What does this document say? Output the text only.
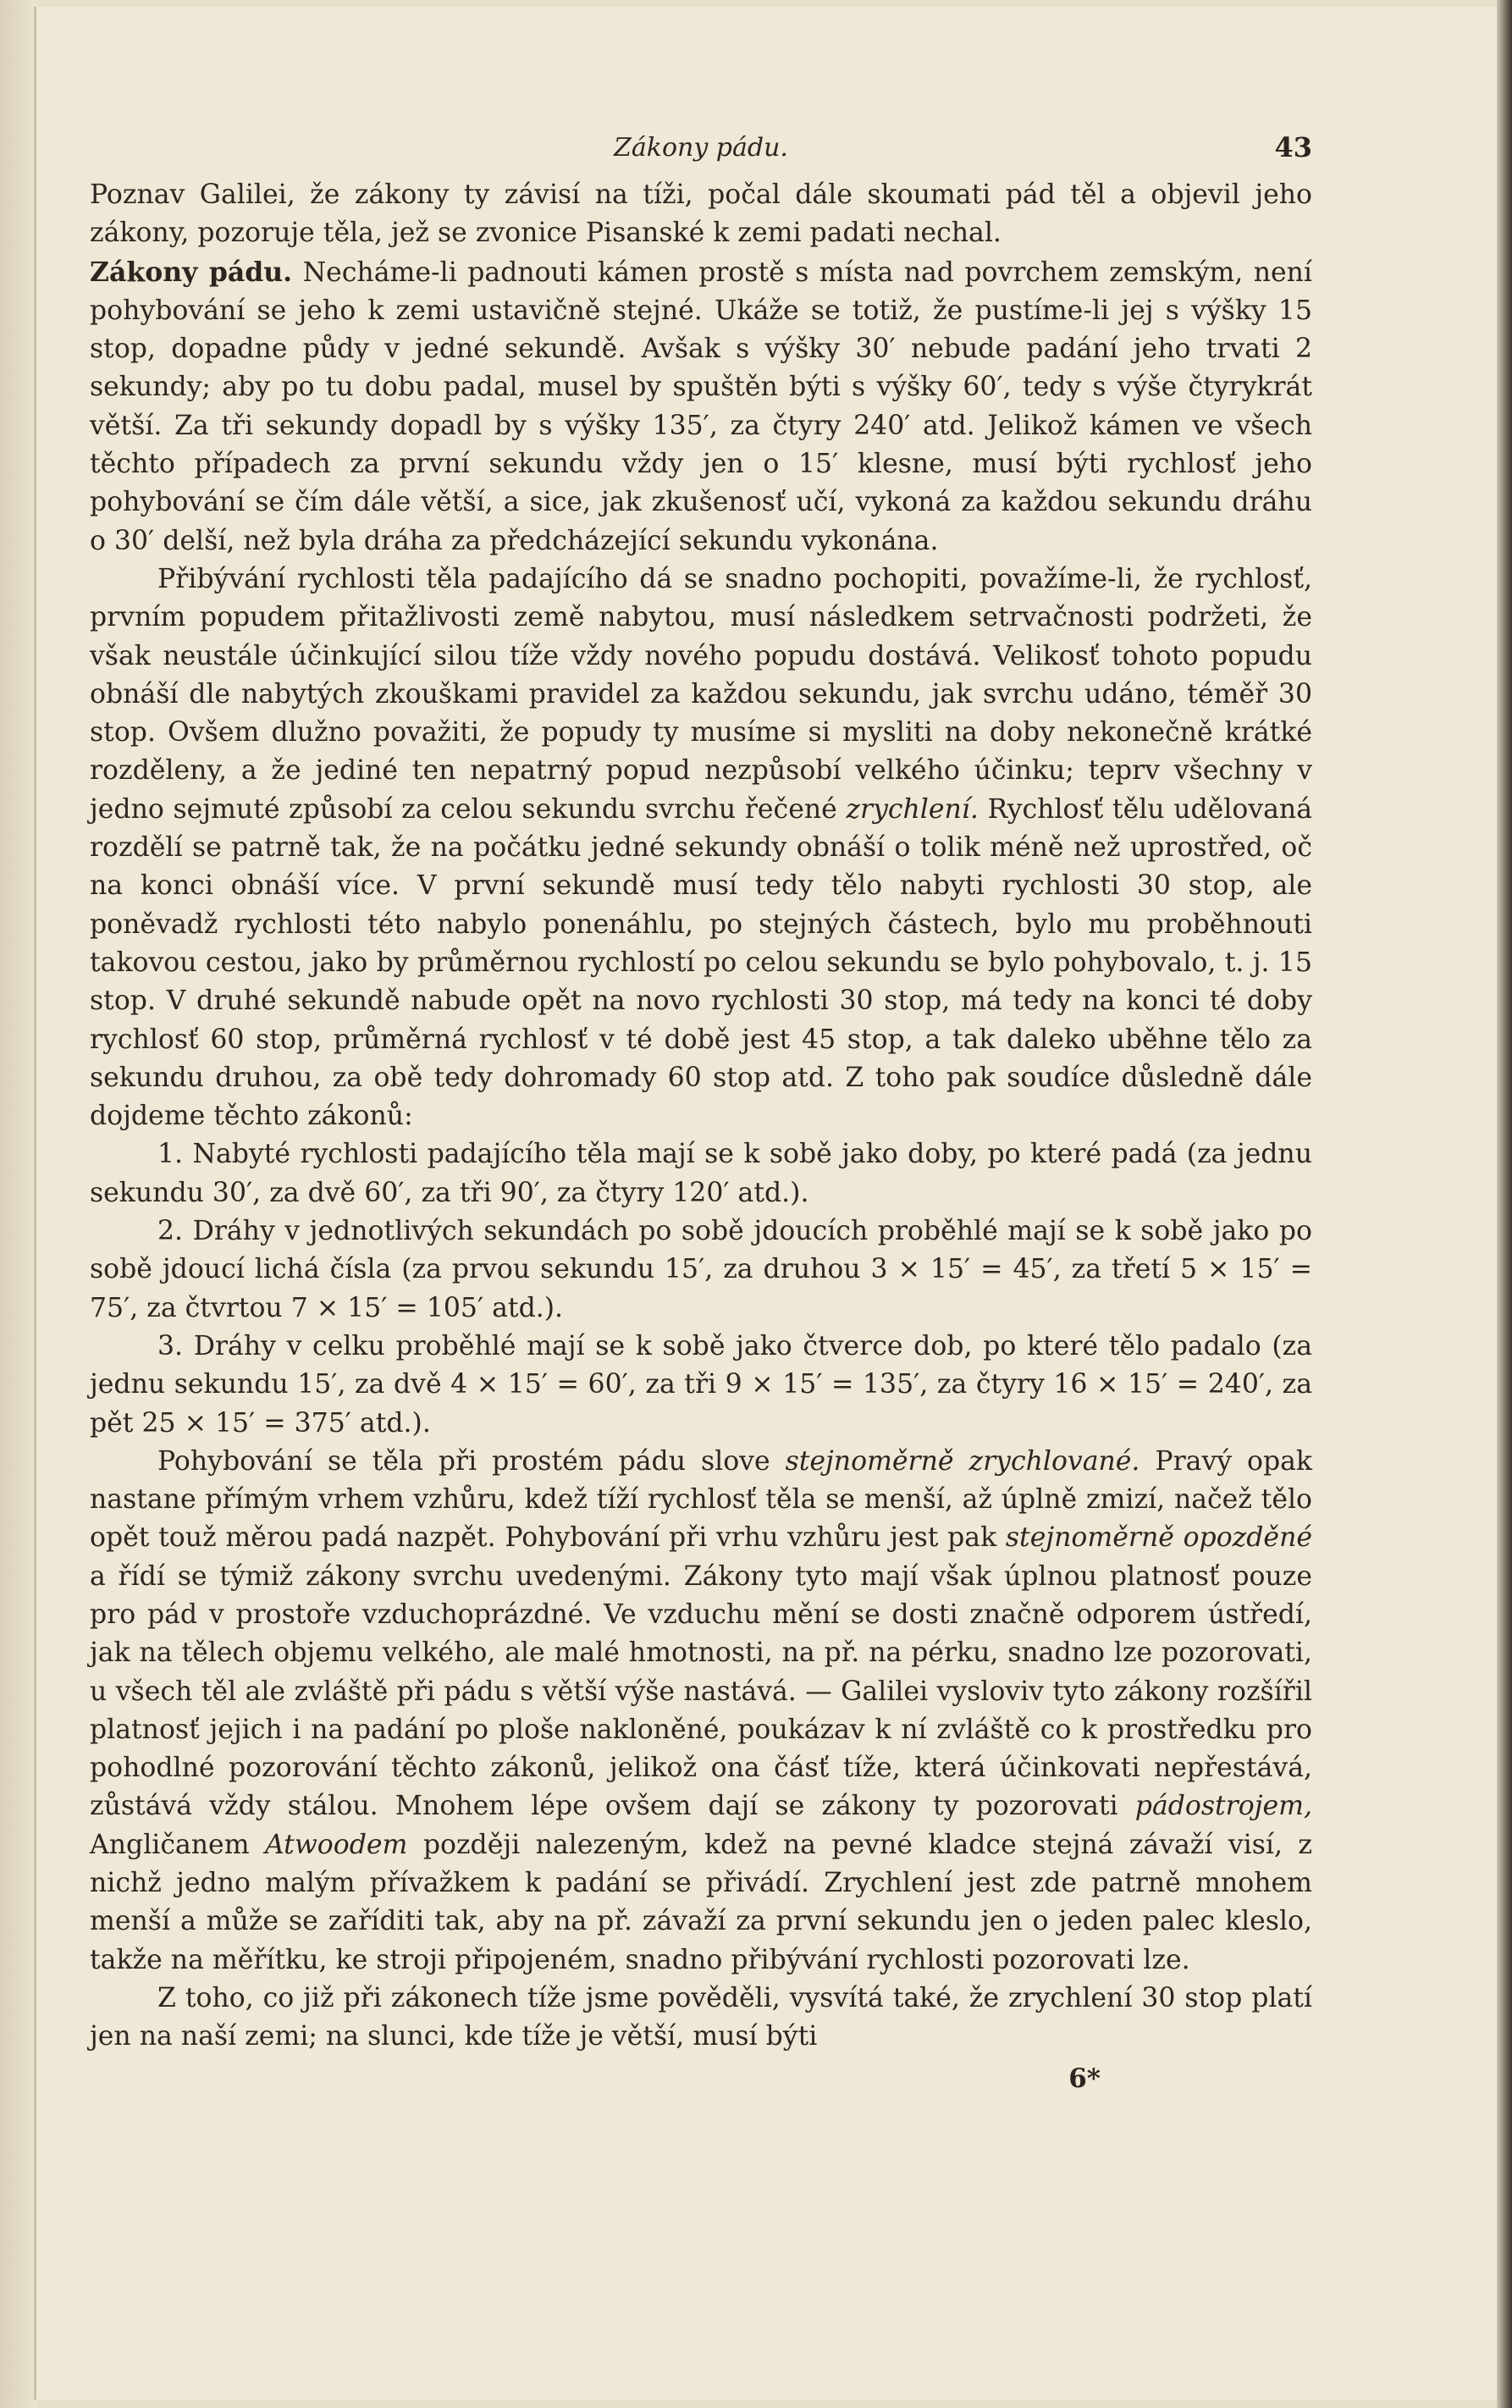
Zákony pádu.	43

Poznav Galilei, že zákony ty závisí na tíži, počal dále skoumati pád těl a objevil jeho zákony, pozoruje těla, jež se zvonice Pisanské k zemi padati nechal.

Zákony pádu. Necháme-li padnouti kámen prostě s místa nad povrchem zemským, není pohybování se jeho k zemi ustavičně stejné. Ukáže se totiž, že pustíme-li jej s výšky 15 stop, dopadne půdy v jedné sekundě. Avšak s výšky 30′ nebude padání jeho trvati 2 sekundy; aby po tu dobu padal, musel by spuštěn býti s výšky 60′, tedy s výše čtyrykrát větší. Za tři sekundy dopadl by s výšky 135′, za čtyry 240′ atd. Jelikož kámen ve všech těchto případech za první sekundu vždy jen o 15′ klesne, musí býti rychlosť jeho pohybování se čím dále větší, a sice, jak zkušenosť učí, vykoná za každou sekundu dráhu o 30′ delší, než byla dráha za předcházející sekundu vykonána.

Přibývání rychlosti těla padajícího dá se snadno pochopiti, považíme-li, že rychlosť, prvním popudem přitažlivosti země nabytou, musí následkem setrvačnosti podržeti, že však neustále účinkující silou tíže vždy nového popudu dostává. Velikosť tohoto popudu obnáší dle nabytých zkouškami pravidel za každou sekundu, jak svrchu udáno, téměř 30 stop. Ovšem dlužno považiti, že popudy ty musíme si mysliti na doby nekonečně krátké rozděleny, a že jediné ten nepatrný popud nezpůsobí velkého účinku; teprv všechny v jedno sejmuté způsobí za celou sekundu svrchu řečené zrychlení. Rychlosť tělu udělovaná rozdělí se patrně tak, že na počátku jedné sekundy obnáší o tolik méně než uprostřed, oč na konci obnáší více. V první sekundě musí tedy tělo nabyti rychlosti 30 stop, ale poněvadž rychlosti této nabylo ponenáhlu, po stejných částech, bylo mu proběhnouti takovou cestou, jako by průměrnou rychlostí po celou sekundu se bylo pohybovalo, t. j. 15 stop. V druhé sekundě nabude opět na novo rychlosti 30 stop, má tedy na konci té doby rychlosť 60 stop, průměrná rychlosť v té době jest 45 stop, a tak daleko uběhne tělo za sekundu druhou, za obě tedy dohromady 60 stop atd. Z toho pak soudíce důsledně dále dojdeme těchto zákonů:

1. Nabyté rychlosti padajícího těla mají se k sobě jako doby, po které padá (za jednu sekundu 30′, za dvě 60′, za tři 90′, za čtyry 120′ atd.).

2. Dráhy v jednotlivých sekundách po sobě jdoucích proběhlé mají se k sobě jako po sobě jdoucí lichá čísla (za prvou sekundu 15′, za druhou 3 × 15′ = 45′, za třetí 5 × 15′ = 75′, za čtvrtou 7 × 15′ = 105′ atd.).

3. Dráhy v celku proběhlé mají se k sobě jako čtverce dob, po které tělo padalo (za jednu sekundu 15′, za dvě 4 × 15′ = 60′, za tři 9 × 15′ = 135′, za čtyry 16 × 15′ = 240′, za pět 25 × 15′ = 375′ atd.).

Pohybování se těla při prostém pádu slove stejnoměrně zrychlované. Pravý opak nastane přímým vrhem vzhůru, kdež tíží rychlosť těla se menší, až úplně zmizí, načež tělo opět touž měrou padá nazpět. Pohybování při vrhu vzhůru jest pak stejnoměrně opozděné a řídí se týmiž zákony svrchu uvedenými. Zákony tyto mají však úplnou platnosť pouze pro pád v prostoře vzduchoprázdné. Ve vzduchu mění se dosti značně odporem ústředí, jak na tělech objemu velkého, ale malé hmotnosti, na př. na pérku, snadno lze pozorovati, u všech těl ale zvláště při pádu s větší výše nastává. — Galilei vysloviv tyto zákony rozšířil platnosť jejich i na padání po ploše nakloněné, poukázav k ní zvláště co k prostředku pro pohodlné pozorování těchto zákonů, jelikož ona čásť tíže, která účinkovati nepřestává, zůstává vždy stálou. Mnohem lépe ovšem dají se zákony ty pozorovati pádostrojem, Angličanem Atwoodem později nalezeným, kdež na pevné kladce stejná závaží visí, z nichž jedno malým přívažkem k padání se přivádí. Zrychlení jest zde patrně mnohem menší a může se zaříditi tak, aby na př. závaží za první sekundu jen o jeden palec kleslo, takže na měřítku, ke stroji připojeném, snadno přibývání rychlosti pozorovati lze.

Z toho, co již při zákonech tíže jsme pověděli, vysvítá také, že zrychlení 30 stop platí jen na naší zemi; na slunci, kde tíže je větší, musí býti

6*
